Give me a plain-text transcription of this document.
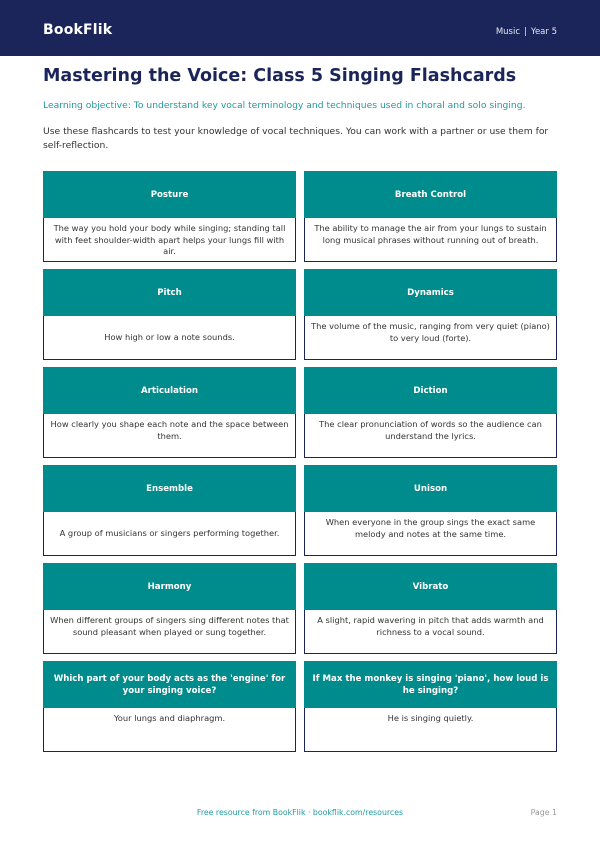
BookFlik	Music | Year 5
Mastering the Voice: Class 5 Singing Flashcards
Learning objective: To understand key vocal terminology and techniques used in choral and solo singing.
Use these flashcards to test your knowledge of vocal techniques. You can work with a partner or use them for self-reflection.
Posture
The way you hold your body while singing; standing tall with feet shoulder-width apart helps your lungs fill with air.
Breath Control
The ability to manage the air from your lungs to sustain long musical phrases without running out of breath.
Pitch
How high or low a note sounds.
Dynamics
The volume of the music, ranging from very quiet (piano) to very loud (forte).
Articulation
How clearly you shape each note and the space between them.
Diction
The clear pronunciation of words so the audience can understand the lyrics.
Ensemble
A group of musicians or singers performing together.
Unison
When everyone in the group sings the exact same melody and notes at the same time.
Harmony
When different groups of singers sing different notes that sound pleasant when played or sung together.
Vibrato
A slight, rapid wavering in pitch that adds warmth and richness to a vocal sound.
Which part of your body acts as the 'engine' for your singing voice?
Your lungs and diaphragm.
If Max the monkey is singing 'piano', how loud is he singing?
He is singing quietly.
Free resource from BookFlik · bookflik.com/resources	Page 1
